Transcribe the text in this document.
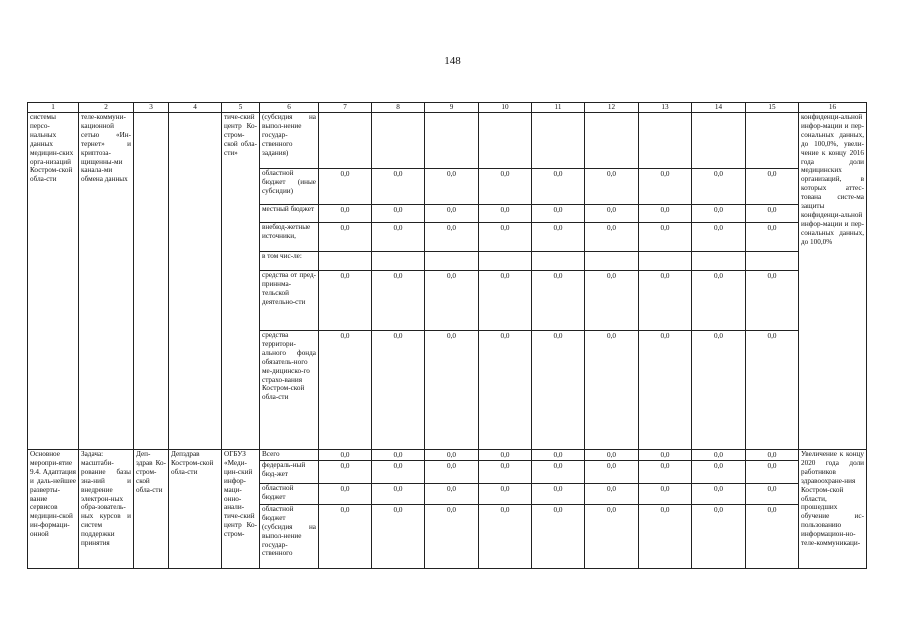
148
1	2	3	4	5	6	7	8	9	10	11	12	13	14	15	16
системы персо-нальных данных медицин-ских орга-низаций Костром-ской обла-сти	теле-коммуни-кационной сетью «Ин-тернет» и криптоза-щищенны-ми канала-ми обмена данных			тиче-ский центр Ко-стром-ской обла-сти»	(субсидия на выпол-нение государ-ственного задания)										конфиденци-альной инфор-мации и пер-сональных данных, до 100,0%, увели-чение к концу 2016 года доли медицинских организаций, в которых аттес-тована систе-ма защиты конфиденци-альной инфор-мации и пер-сональных данных, до 100,0%
					областной бюджет (иные субсидии)	0,0	0,0	0,0	0,0	0,0	0,0	0,0	0,0	0,0	
					местный бюджет	0,0	0,0	0,0	0,0	0,0	0,0	0,0	0,0	0,0	
					внебюд-жетные источники,	0,0	0,0	0,0	0,0	0,0	0,0	0,0	0,0	0,0	
					в том чис-ле:										
					средства от пред-приннма-тельской деятельно-сти	0,0	0,0	0,0	0,0	0,0	0,0	0,0	0,0	0,0	
					средства территори-ального фонда обязатель-ного ме-дицинско-го страхо-вания Костром-ской обла-сти	0,0	0,0	0,0	0,0	0,0	0,0	0,0	0,0	0,0	
Основное меропри-ятие 9.4. Адаптация и даль-нейшее разверты-вание сервисов медицин-ской ин-формаци-онной	Задача: масштаби-рование базы зна-ний и внедрение электрон-ных обра-зователь-ных курсов и систем поддержки принятия	Деп-здрав Ко-стром-ской обла-сти	Депздрав Костром-ской обла-сти	ОГБУЗ «Меди-цин-ский инфор-маци-онно-анали-тиче-ский центр Ко-стром-	Всего	0,0	0,0	0,0	0,0	0,0	0,0	0,0	0,0	0,0	Увеличение к концу 2020 года доли работников здравоохране-ния Костром-ской области, прошедших обучение ис-пользованию информацион-но-теле-коммуникаци-
					федераль-ный бюд-жет	0,0	0,0	0,0	0,0	0,0	0,0	0,0	0,0	0,0	
					областной бюджет	0,0	0,0	0,0	0,0	0,0	0,0	0,0	0,0	0,0	
					областной бюджет (субсидия на выпол-нение государ-ственного	0,0	0,0	0,0	0,0	0,0	0,0	0,0	0,0	0,0	
